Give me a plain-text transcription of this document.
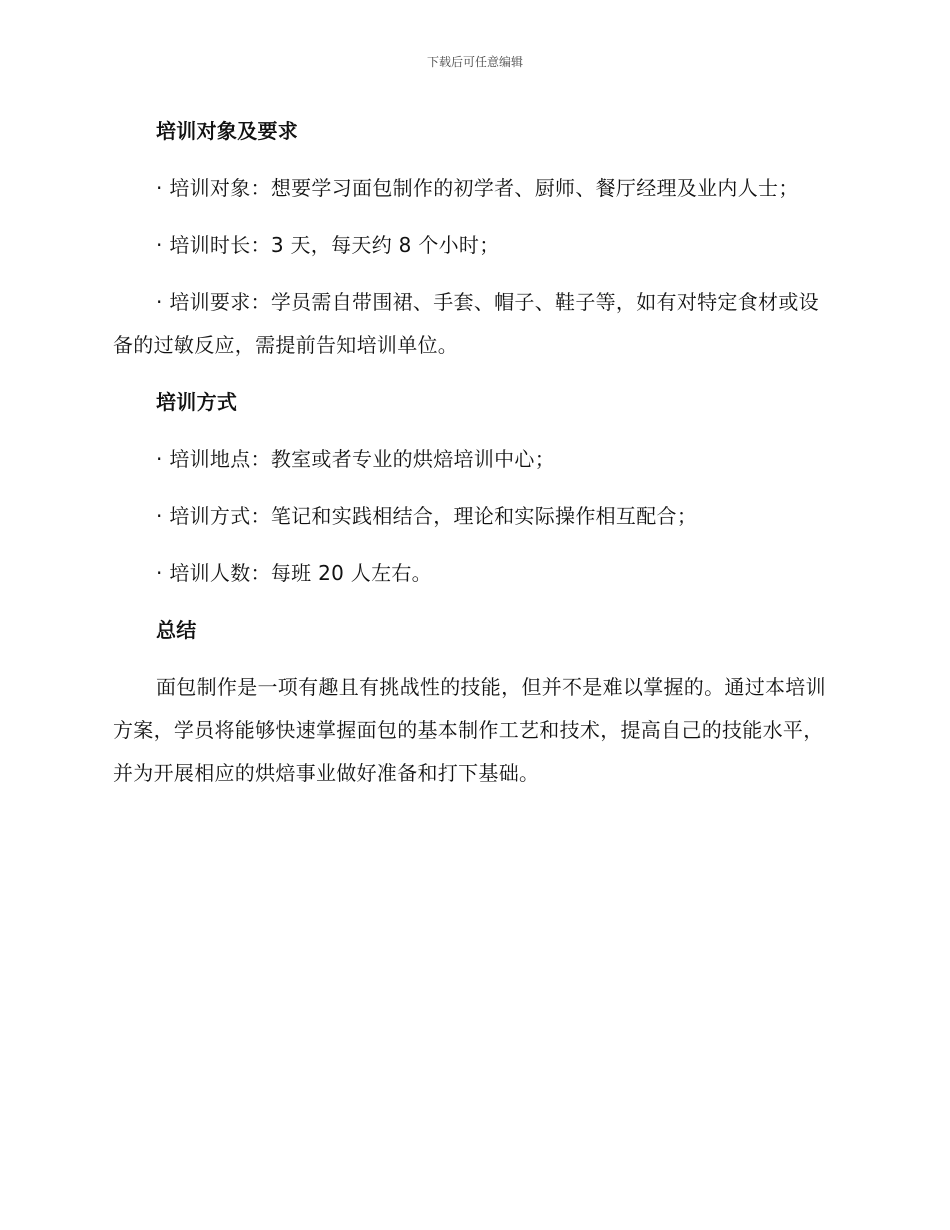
下载后可任意编辑
培训对象及要求
· 培训对象：想要学习面包制作的初学者、厨师、餐厅经理及业内人士；
· 培训时长：3 天，每天约 8 个小时；
· 培训要求：学员需自带围裙、手套、帽子、鞋子等，如有对特定食材或设备的过敏反应，需提前告知培训单位。
培训方式
· 培训地点：教室或者专业的烘焙培训中心；
· 培训方式：笔记和实践相结合，理论和实际操作相互配合；
· 培训人数：每班 20 人左右。
总结
面包制作是一项有趣且有挑战性的技能，但并不是难以掌握的。通过本培训方案，学员将能够快速掌握面包的基本制作工艺和技术，提高自己的技能水平，并为开展相应的烘焙事业做好准备和打下基础。
